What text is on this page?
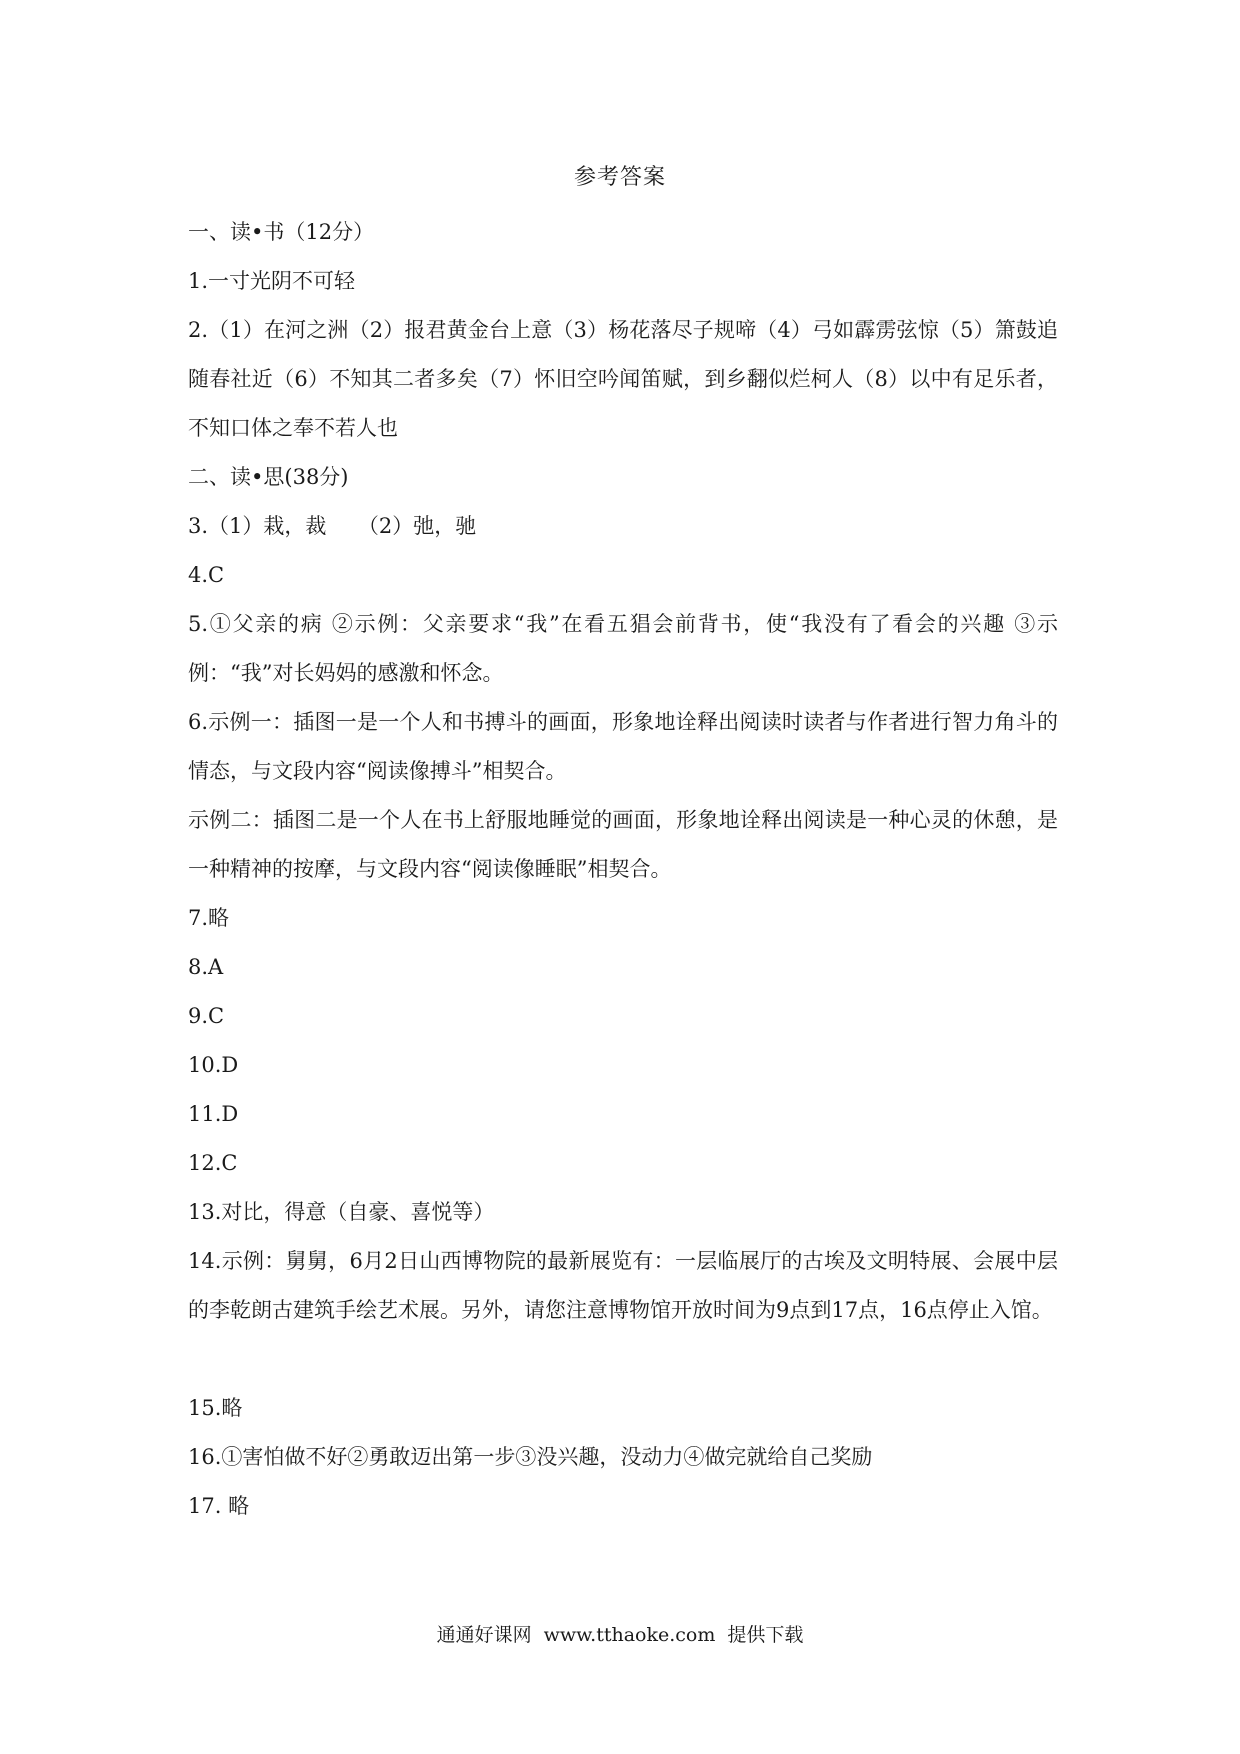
参考答案
一、读•书（12分）
1.一寸光阴不可轻
2.（1）在河之洲（2）报君黄金台上意（3）杨花落尽子规啼（4）弓如霹雳弦惊（5）箫鼓追随春社近（6）不知其二者多矣（7）怀旧空吟闻笛赋，到乡翻似烂柯人（8）以中有足乐者，不知口体之奉不若人也
二、读•思(38分)
3.（1）栽，裁　　（2）弛，驰
4.C
5.①父亲的病 ②示例：父亲要求“我”在看五猖会前背书，使“我没有了看会的兴趣 ③示例：“我”对长妈妈的感激和怀念。
6.示例一：插图一是一个人和书搏斗的画面，形象地诠释出阅读时读者与作者进行智力角斗的情态，与文段内容“阅读像搏斗”相契合。
示例二：插图二是一个人在书上舒服地睡觉的画面，形象地诠释出阅读是一种心灵的休憩，是一种精神的按摩，与文段内容“阅读像睡眠”相契合。
7.略
8.A
9.C
10.D
11.D
12.C
13.对比，得意（自豪、喜悦等）
14.示例：舅舅，6月2日山西博物院的最新展览有：一层临展厅的古埃及文明特展、会展中层的李乾朗古建筑手绘艺术展。另外，请您注意博物馆开放时间为9点到17点，16点停止入馆。
15.略
16.①害怕做不好②勇敢迈出第一步③没兴趣，没动力④做完就给自己奖励
17. 略
通通好课网 www.tthaoke.com 提供下载
